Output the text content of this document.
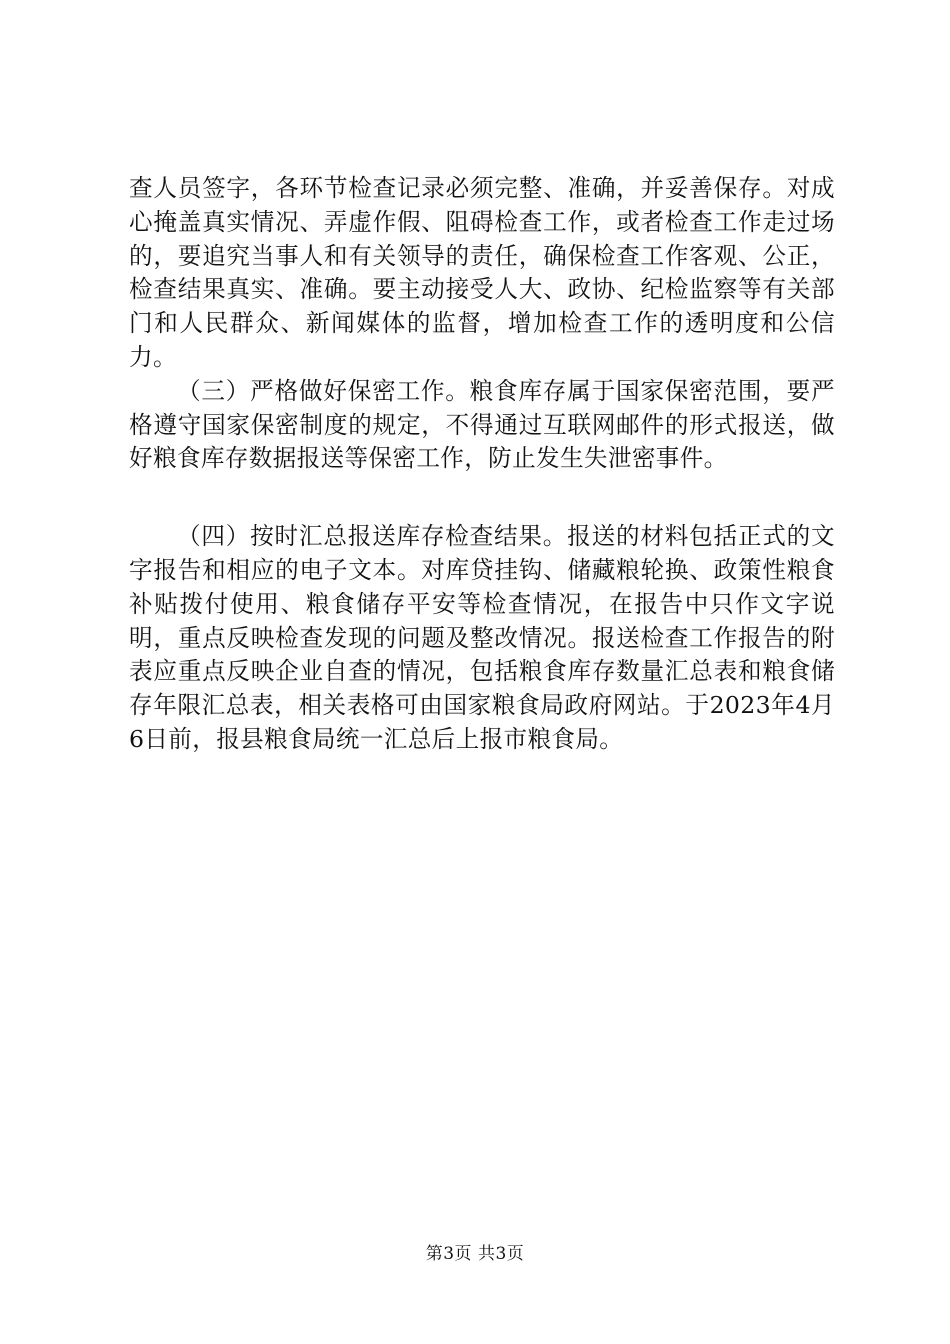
查人员签字，各环节检查记录必须完整、准确，并妥善保存。对成心掩盖真实情况、弄虚作假、阻碍检查工作，或者检查工作走过场的，要追究当事人和有关领导的责任，确保检查工作客观、公正，检查结果真实、准确。要主动接受人大、政协、纪检监察等有关部门和人民群众、新闻媒体的监督，增加检查工作的透明度和公信力。

（三）严格做好保密工作。粮食库存属于国家保密范围，要严格遵守国家保密制度的规定，不得通过互联网邮件的形式报送，做好粮食库存数据报送等保密工作，防止发生失泄密事件。

（四）按时汇总报送库存检查结果。报送的材料包括正式的文字报告和相应的电子文本。对库贷挂钩、储藏粮轮换、政策性粮食补贴拨付使用、粮食储存平安等检查情况，在报告中只作文字说明，重点反映检查发现的问题及整改情况。报送检查工作报告的附表应重点反映企业自查的情况，包括粮食库存数量汇总表和粮食储存年限汇总表，相关表格可由国家粮食局政府网站。于2023年4月6日前，报县粮食局统一汇总后上报市粮食局。

第3页 共3页
